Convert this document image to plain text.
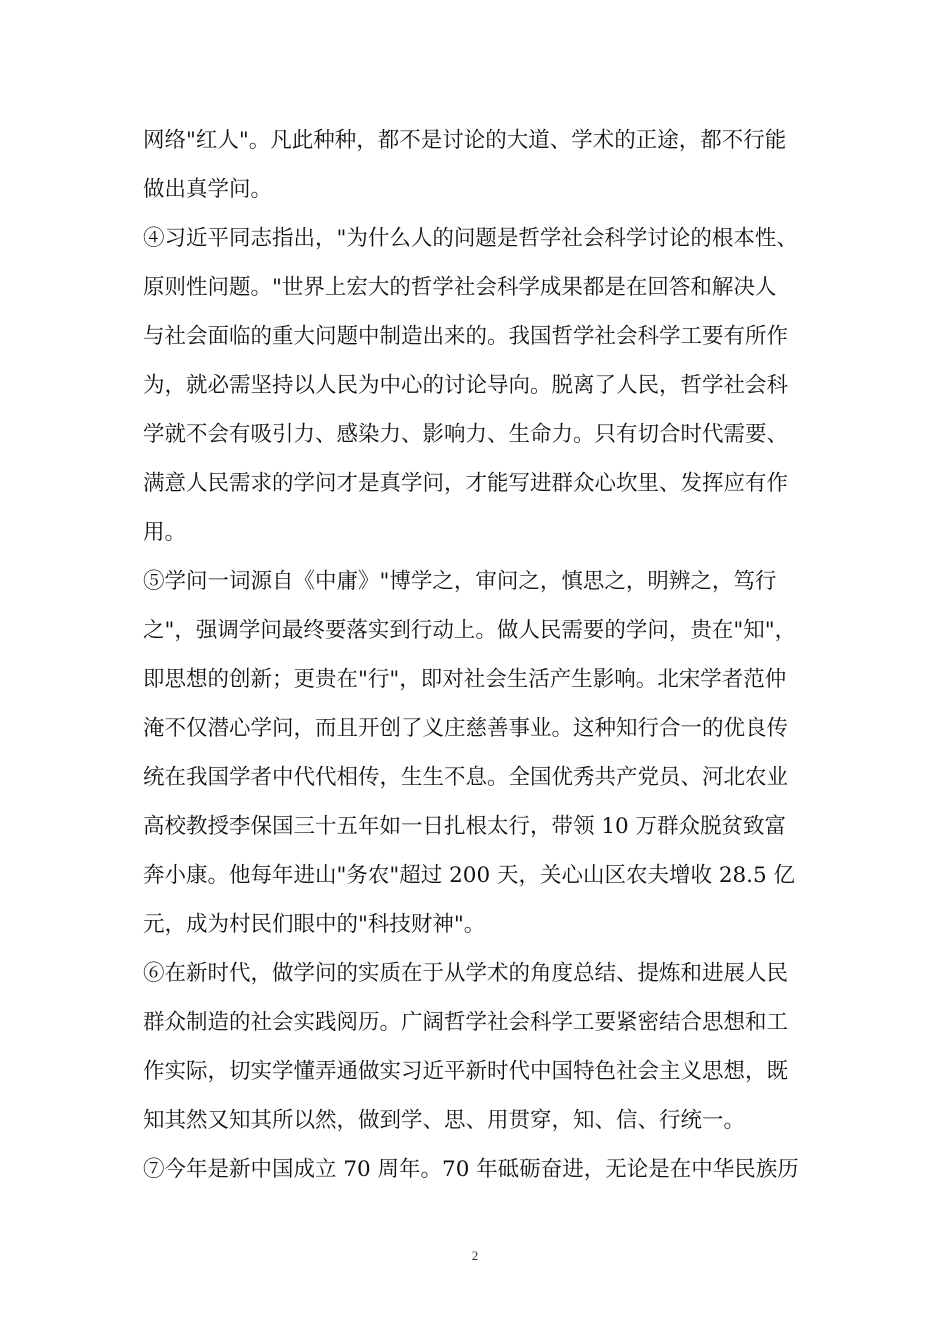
网络"红人"。凡此种种，都不是讨论的大道、学术的正途，都不行能
做出真学问。
④习近平同志指出，"为什么人的问题是哲学社会科学讨论的根本性、
原则性问题。"世界上宏大的哲学社会科学成果都是在回答和解决人
与社会面临的重大问题中制造出来的。我国哲学社会科学工要有所作
为，就必需坚持以人民为中心的讨论导向。脱离了人民，哲学社会科
学就不会有吸引力、感染力、影响力、生命力。只有切合时代需要、
满意人民需求的学问才是真学问，才能写进群众心坎里、发挥应有作
用。
⑤学问一词源自《中庸》"博学之，审问之，慎思之，明辨之，笃行
之"，强调学问最终要落实到行动上。做人民需要的学问，贵在"知"，
即思想的创新；更贵在"行"，即对社会生活产生影响。北宋学者范仲
淹不仅潜心学问，而且开创了义庄慈善事业。这种知行合一的优良传
统在我国学者中代代相传，生生不息。全国优秀共产党员、河北农业
高校教授李保国三十五年如一日扎根太行，带领 10 万群众脱贫致富
奔小康。他每年进山"务农"超过 200 天，关心山区农夫增收 28.5 亿
元，成为村民们眼中的"科技财神"。
⑥在新时代，做学问的实质在于从学术的角度总结、提炼和进展人民
群众制造的社会实践阅历。广阔哲学社会科学工要紧密结合思想和工
作实际，切实学懂弄通做实习近平新时代中国特色社会主义思想，既
知其然又知其所以然，做到学、思、用贯穿，知、信、行统一。
⑦今年是新中国成立 70 周年。70 年砥砺奋进，无论是在中华民族历
2
